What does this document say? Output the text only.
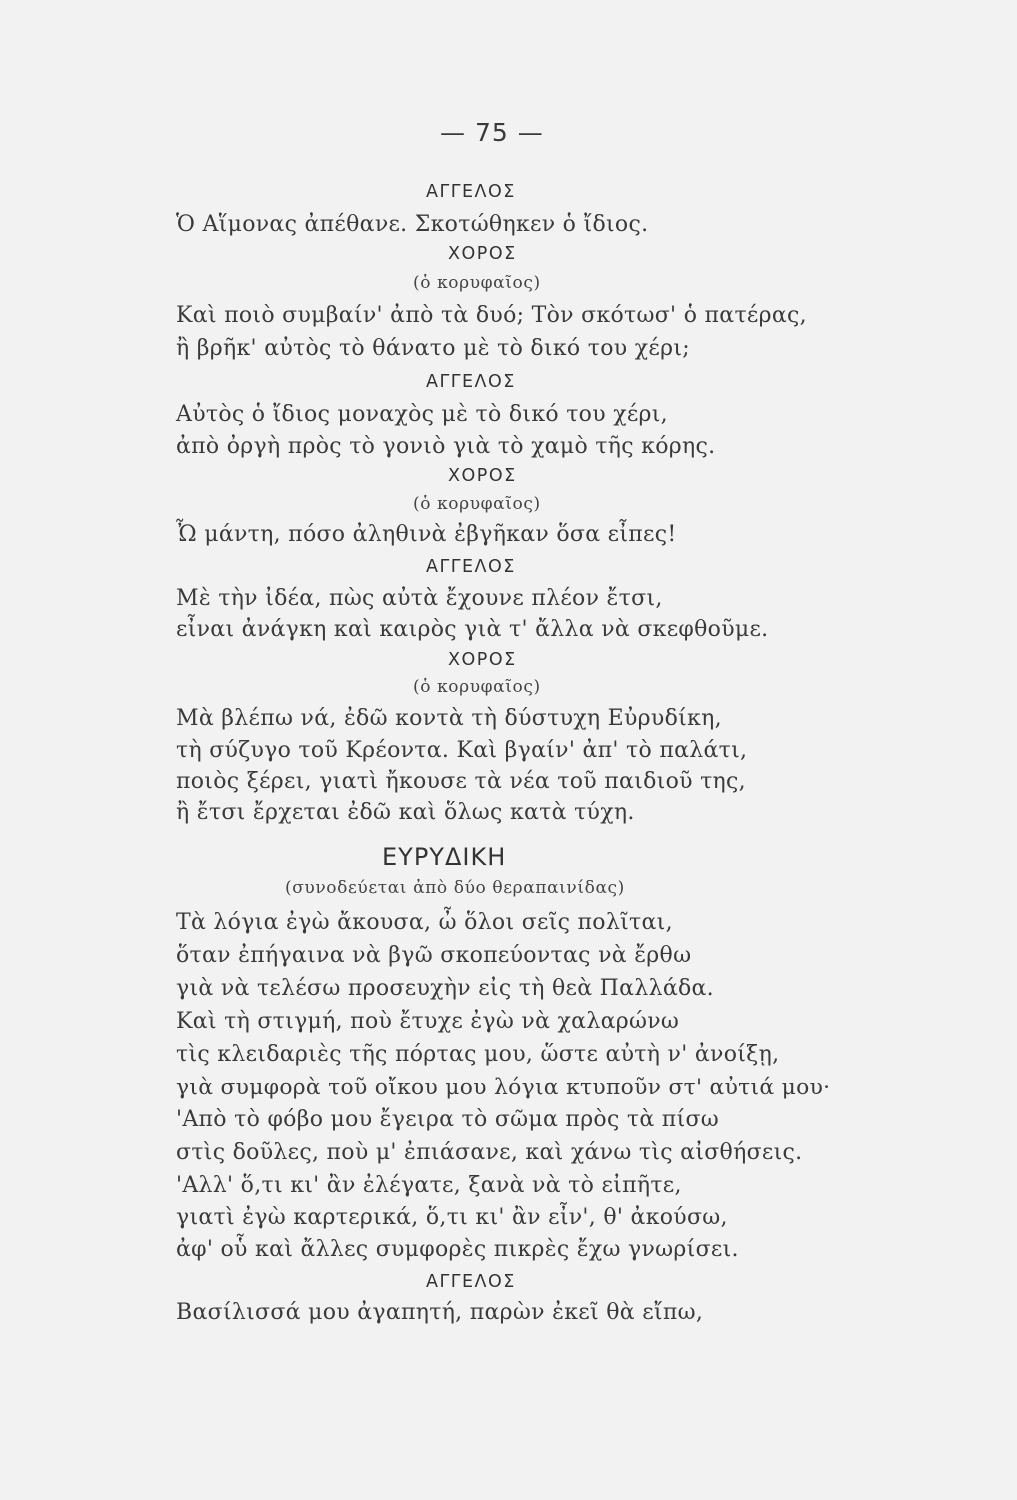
— 75 —
ΑΓΓΕΛΟΣ
Ὁ Αἵμονας ἀπέθανε. Σκοτώθηκεν ὁ ἴδιος.
ΧΟΡΟΣ
(ὁ κορυφαῖος)
Καὶ ποιὸ συμβαίν' ἀπὸ τὰ δυό; Τὸν σκότωσ' ὁ πατέρας,
ἢ βρῆκ' αὐτὸς τὸ θάνατο μὲ τὸ δικό του χέρι;
ΑΓΓΕΛΟΣ
Αὐτὸς ὁ ἴδιος μοναχὸς μὲ τὸ δικό του χέρι,
ἀπὸ ὀργὴ πρὸς τὸ γονιὸ γιὰ τὸ χαμὸ τῆς κόρης.
ΧΟΡΟΣ
(ὁ κορυφαῖος)
Ὦ μάντη, πόσο ἀληθινὰ ἐβγῆκαν ὅσα εἶπες!
ΑΓΓΕΛΟΣ
Μὲ τὴν ἰδέα, πὼς αὐτὰ ἔχουνε πλέον ἔτσι,
εἶναι ἀνάγκη καὶ καιρὸς γιὰ τ' ἄλλα νὰ σκεφθοῦμε.
ΧΟΡΟΣ
(ὁ κορυφαῖος)
Μὰ βλέπω νά, ἐδῶ κοντὰ τὴ δύστυχη Εὐρυδίκη,
τὴ σύζυγο τοῦ Κρέοντα. Καὶ βγαίν' ἀπ' τὸ παλάτι,
ποιὸς ξέρει, γιατὶ ἤκουσε τὰ νέα τοῦ παιδιοῦ της,
ἢ ἔτσι ἔρχεται ἐδῶ καὶ ὅλως κατὰ τύχη.
ΕΥΡΥΔΙΚΗ
(συνοδεύεται ἀπὸ δύο θεραπαινίδας)
Τὰ λόγια ἐγὼ ἄκουσα, ὦ ὅλοι σεῖς πολῖται,
ὅταν ἐπήγαινα νὰ βγῶ σκοπεύοντας νὰ ἔρθω
γιὰ νὰ τελέσω προσευχὴν εἰς τὴ θεὰ Παλλάδα.
Καὶ τὴ στιγμή, ποὺ ἔτυχε ἐγὼ νὰ χαλαρώνω
τὶς κλειδαριὲς τῆς πόρτας μου, ὥστε αὐτὴ ν' ἀνοίξῃ,
γιὰ συμφορὰ τοῦ οἴκου μου λόγια κτυποῦν στ' αὐτιά μου·
'Απὸ τὸ φόβο μου ἔγειρα τὸ σῶμα πρὸς τὰ πίσω
στὶς δοῦλες, ποὺ μ' ἐπιάσανε, καὶ χάνω τὶς αἰσθήσεις.
'Αλλ' ὅ,τι κι' ἂν ἐλέγατε, ξανὰ νὰ τὸ εἰπῆτε,
γιατὶ ἐγὼ καρτερικά, ὅ,τι κι' ἂν εἶν', θ' ἀκούσω,
ἀφ' οὗ καὶ ἄλλες συμφορὲς πικρὲς ἔχω γνωρίσει.
ΑΓΓΕΛΟΣ
Βασίλισσά μου ἀγαπητή, παρὼν ἐκεῖ θὰ εἴπω,
